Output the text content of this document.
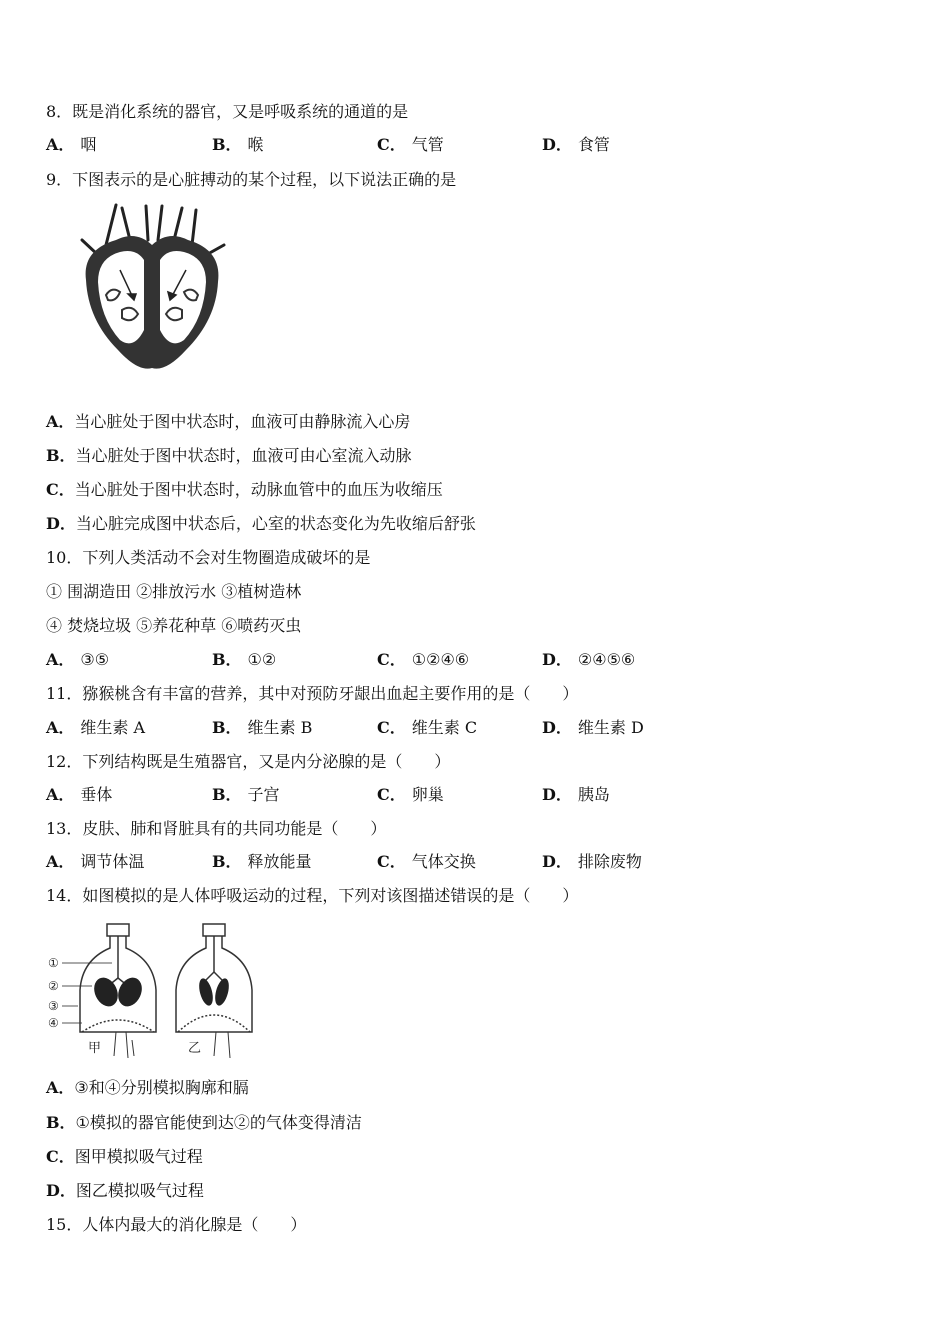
8．既是消化系统的器官，又是呼吸系统的通道的是
A． 咽	B． 喉	C． 气管	D． 食管
9．下图表示的是心脏搏动的某个过程，以下说法正确的是
A．当心脏处于图中状态时，血液可由静脉流入心房
B．当心脏处于图中状态时，血液可由心室流入动脉
C．当心脏处于图中状态时，动脉血管中的血压为收缩压
D．当心脏完成图中状态后，心室的状态变化为先收缩后舒张
10．下列人类活动不会对生物圈造成破坏的是
① 围湖造田 ②排放污水 ③植树造林
④ 焚烧垃圾 ⑤养花种草 ⑥喷药灭虫
A． ③⑤	B． ①②	C． ①②④⑥	D． ②④⑤⑥
11．猕猴桃含有丰富的营养，其中对预防牙龈出血起主要作用的是（　　）
A． 维生素 A	B． 维生素 B	C． 维生素 C	D． 维生素 D
12．下列结构既是生殖器官，又是内分泌腺的是（　　）
A． 垂体	B． 子宫	C． 卵巢	D． 胰岛
13．皮肤、肺和肾脏具有的共同功能是（　　）
A． 调节体温	B． 释放能量	C． 气体交换	D． 排除废物
14．如图模拟的是人体呼吸运动的过程，下列对该图描述错误的是（　　）
①
②
③
④
甲	乙
A．③和④分别模拟胸廓和膈
B．①模拟的器官能使到达②的气体变得清洁
C．图甲模拟吸气过程
D．图乙模拟吸气过程
15．人体内最大的消化腺是（　　）
